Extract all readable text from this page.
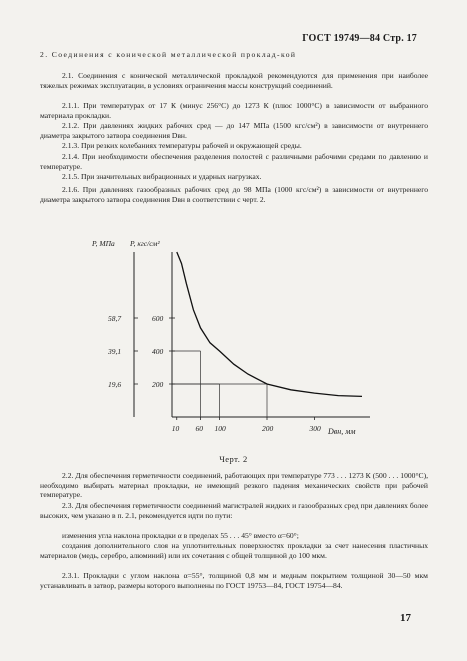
ГОСТ 19749—84 Стр. 17
2. Соединения с конической металлической проклад-кой
2.1. Соединения с конической металлической прокладкой рекомендуются для применения при наиболее тяжелых режимах эксплуатации, в условиях ограничения массы конструкций соединений.
2.1.1. При температурах от 17 К (минус 256°С) до 1273 К (плюс 1000°С) в зависимости от выбранного материала прокладки.
2.1.2. При давлениях жидких рабочих сред — до 147 МПа (1500 кгс/см²) в зависимости от внутреннего диаметра закрытого затвора соединения Dвн.
2.1.3. При резких колебаниях температуры рабочей и окружающей среды.
2.1.4. При необходимости обеспечения разделения полостей с различными рабочими средами по давлению и температуре.
2.1.5. При значительных вибрационных и ударных нагрузках.
2.1.6. При давлениях газообразных рабочих сред до 98 МПа (1000 кгс/см²) в зависимости от внутреннего диаметра закрытого затвора соединения Dвн в соответствии с черт. 2.
P, МПа P, кгс/см²
Dвн, мм
10 60 100	200	300
600
58,7
400
39,1
200
19,6
Черт. 2
2.2. Для обеспечения герметичности соединений, работающих при температуре 773 . . . 1273 К (500 . . . 1000°С), необходимо выбирать материал прокладки, не имеющий резкого падения механических свойств при рабочей температуре.
2.3. Для обеспечения герметичности соединений магистралей жидких и газообразных сред при давлениях более высоких, чем указано в п. 2.1, рекомендуется идти по пути:
изменения угла наклона прокладки α в пределах 55 . . . 45° вместо α=60°;
создания дополнительного слоя на уплотнительных поверхностях прокладки за счет нанесения пластичных материалов (медь, серебро, алюминий) или их сочетания с общей толщиной до 100 мкм.
2.3.1. Прокладки с углом наклона α=55°, толщиной 0,8 мм и медным покрытием толщиной 30—50 мкм устанавливать в затвор, размеры которого выполнены по ГОСТ 19753—84, ГОСТ 19754—84.
17
